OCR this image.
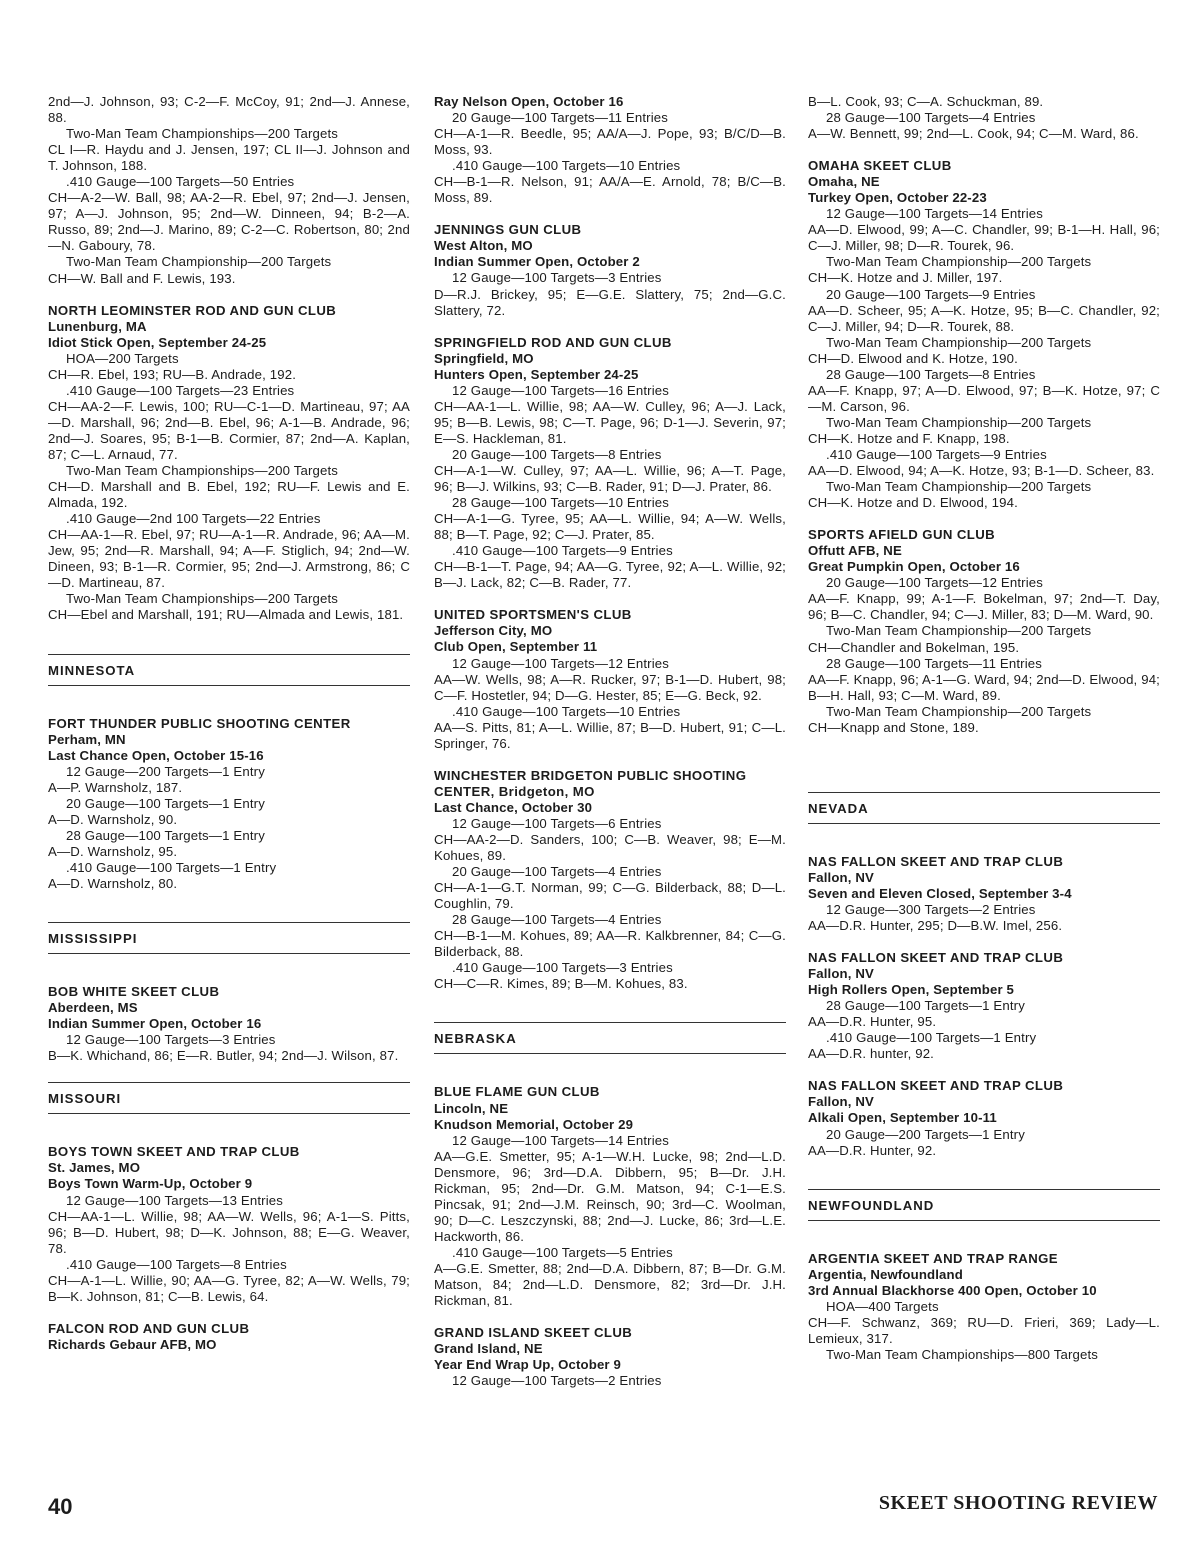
2nd—J. Johnson, 93; C-2—F. McCoy, 91; 2nd—J. Annese, 88.
Two-Man Team Championships—200 Targets
CL I—R. Haydu and J. Jensen, 197; CL II—J. Johnson and T. Johnson, 188.
.410 Gauge—100 Targets—50 Entries
CH—A-2—W. Ball, 98; AA-2—R. Ebel, 97; 2nd—J. Jensen, 97; A—J. Johnson, 95; 2nd—W. Dinneen, 94; B-2—A. Russo, 89; 2nd—J. Marino, 89; C-2—C. Robertson, 80; 2nd—N. Gaboury, 78.
Two-Man Team Championship—200 Targets
CH—W. Ball and F. Lewis, 193.
NORTH LEOMINSTER ROD AND GUN CLUB
Lunenburg, MA
Idiot Stick Open, September 24-25
HOA—200 Targets
CH—R. Ebel, 193; RU—B. Andrade, 192.
.410 Gauge—100 Targets—23 Entries
CH—AA-2—F. Lewis, 100; RU—C-1—D. Martineau, 97; AA—D. Marshall, 96; 2nd—B. Ebel, 96; A-1—B. Andrade, 96; 2nd—J. Soares, 95; B-1—B. Cormier, 87; 2nd—A. Kaplan, 87; C—L. Arnaud, 77.
Two-Man Team Championships—200 Targets
CH—D. Marshall and B. Ebel, 192; RU—F. Lewis and E. Almada, 192.
.410 Gauge—2nd 100 Targets—22 Entries
CH—AA-1—R. Ebel, 97; RU—A-1—R. Andrade, 96; AA—M. Jew, 95; 2nd—R. Marshall, 94; A—F. Stiglich, 94; 2nd—W. Dineen, 93; B-1—R. Cormier, 95; 2nd—J. Armstrong, 86; C—D. Martineau, 87.
Two-Man Team Championships—200 Targets
CH—Ebel and Marshall, 191; RU—Almada and Lewis, 181.
MINNESOTA
FORT THUNDER PUBLIC SHOOTING CENTER
Perham, MN
Last Chance Open, October 15-16
12 Gauge—200 Targets—1 Entry
A—P. Warnsholz, 187.
20 Gauge—100 Targets—1 Entry
A—D. Warnsholz, 90.
28 Gauge—100 Targets—1 Entry
A—D. Warnsholz, 95.
.410 Gauge—100 Targets—1 Entry
A—D. Warnsholz, 80.
MISSISSIPPI
BOB WHITE SKEET CLUB
Aberdeen, MS
Indian Summer Open, October 16
12 Gauge—100 Targets—3 Entries
B—K. Whichand, 86; E—R. Butler, 94; 2nd—J. Wilson, 87.
MISSOURI
BOYS TOWN SKEET AND TRAP CLUB
St. James, MO
Boys Town Warm-Up, October 9
12 Gauge—100 Targets—13 Entries
CH—AA-1—L. Willie, 98; AA—W. Wells, 96; A-1—S. Pitts, 96; B—D. Hubert, 98; D—K. Johnson, 88; E—G. Weaver, 78.
.410 Gauge—100 Targets—8 Entries
CH—A-1—L. Willie, 90; AA—G. Tyree, 82; A—W. Wells, 79; B—K. Johnson, 81; C—B. Lewis, 64.
FALCON ROD AND GUN CLUB
Richards Gebaur AFB, MO
Ray Nelson Open, October 16
20 Gauge—100 Targets—11 Entries
CH—A-1—R. Beedle, 95; AA/A—J. Pope, 93; B/C/D—B. Moss, 93.
.410 Gauge—100 Targets—10 Entries
CH—B-1—R. Nelson, 91; AA/A—E. Arnold, 78; B/C—B. Moss, 89.
JENNINGS GUN CLUB
West Alton, MO
Indian Summer Open, October 2
12 Gauge—100 Targets—3 Entries
D—R.J. Brickey, 95; E—G.E. Slattery, 75; 2nd—G.C. Slattery, 72.
SPRINGFIELD ROD AND GUN CLUB
Springfield, MO
Hunters Open, September 24-25
12 Gauge—100 Targets—16 Entries
CH—AA-1—L. Willie, 98; AA—W. Culley, 96; A—J. Lack, 95; B—B. Lewis, 98; C—T. Page, 96; D-1—J. Severin, 97; E—S. Hackleman, 81.
20 Gauge—100 Targets—8 Entries
CH—A-1—W. Culley, 97; AA—L. Willie, 96; A—T. Page, 96; B—J. Wilkins, 93; C—B. Rader, 91; D—J. Prater, 86.
28 Gauge—100 Targets—10 Entries
CH—A-1—G. Tyree, 95; AA—L. Willie, 94; A—W. Wells, 88; B—T. Page, 92; C—J. Prater, 85.
.410 Gauge—100 Targets—9 Entries
CH—B-1—T. Page, 94; AA—G. Tyree, 92; A—L. Willie, 92; B—J. Lack, 82; C—B. Rader, 77.
UNITED SPORTSMEN'S CLUB
Jefferson City, MO
Club Open, September 11
12 Gauge—100 Targets—12 Entries
AA—W. Wells, 98; A—R. Rucker, 97; B-1—D. Hubert, 98; C—F. Hostetler, 94; D—G. Hester, 85; E—G. Beck, 92.
.410 Gauge—100 Targets—10 Entries
AA—S. Pitts, 81; A—L. Willie, 87; B—D. Hubert, 91; C—L. Springer, 76.
WINCHESTER BRIDGETON PUBLIC SHOOTING CENTER, Bridgeton, MO
Last Chance, October 30
12 Gauge—100 Targets—6 Entries
CH—AA-2—D. Sanders, 100; C—B. Weaver, 98; E—M. Kohues, 89.
20 Gauge—100 Targets—4 Entries
CH—A-1—G.T. Norman, 99; C—G. Bilderback, 88; D—L. Coughlin, 79.
28 Gauge—100 Targets—4 Entries
CH—B-1—M. Kohues, 89; AA—R. Kalkbrenner, 84; C—G. Bilderback, 88.
.410 Gauge—100 Targets—3 Entries
CH—C—R. Kimes, 89; B—M. Kohues, 83.
NEBRASKA
BLUE FLAME GUN CLUB
Lincoln, NE
Knudson Memorial, October 29
12 Gauge—100 Targets—14 Entries
AA—G.E. Smetter, 95; A-1—W.H. Lucke, 98; 2nd—L.D. Densmore, 96; 3rd—D.A. Dibbern, 95; B—Dr. J.H. Rickman, 95; 2nd—Dr. G.M. Matson, 94; C-1—E.S. Pincsak, 91; 2nd—J.M. Reinsch, 90; 3rd—C. Woolman, 90; D—C. Leszczynski, 88; 2nd—J. Lucke, 86; 3rd—L.E. Hackworth, 86.
.410 Gauge—100 Targets—5 Entries
A—G.E. Smetter, 88; 2nd—D.A. Dibbern, 87; B—Dr. G.M. Matson, 84; 2nd—L.D. Densmore, 82; 3rd—Dr. J.H. Rickman, 81.
GRAND ISLAND SKEET CLUB
Grand Island, NE
Year End Wrap Up, October 9
12 Gauge—100 Targets—2 Entries
B—L. Cook, 93; C—A. Schuckman, 89.
28 Gauge—100 Targets—4 Entries
A—W. Bennett, 99; 2nd—L. Cook, 94; C—M. Ward, 86.
OMAHA SKEET CLUB
Omaha, NE
Turkey Open, October 22-23
12 Gauge—100 Targets—14 Entries
AA—D. Elwood, 99; A—C. Chandler, 99; B-1—H. Hall, 96; C—J. Miller, 98; D—R. Tourek, 96.
Two-Man Team Championship—200 Targets
CH—K. Hotze and J. Miller, 197.
20 Gauge—100 Targets—9 Entries
AA—D. Scheer, 95; A—K. Hotze, 95; B—C. Chandler, 92; C—J. Miller, 94; D—R. Tourek, 88.
Two-Man Team Championship—200 Targets
CH—D. Elwood and K. Hotze, 190.
28 Gauge—100 Targets—8 Entries
AA—F. Knapp, 97; A—D. Elwood, 97; B—K. Hotze, 97; C—M. Carson, 96.
Two-Man Team Championship—200 Targets
CH—K. Hotze and F. Knapp, 198.
.410 Gauge—100 Targets—9 Entries
AA—D. Elwood, 94; A—K. Hotze, 93; B-1—D. Scheer, 83.
Two-Man Team Championship—200 Targets
CH—K. Hotze and D. Elwood, 194.
SPORTS AFIELD GUN CLUB
Offutt AFB, NE
Great Pumpkin Open, October 16
20 Gauge—100 Targets—12 Entries
AA—F. Knapp, 99; A-1—F. Bokelman, 97; 2nd—T. Day, 96; B—C. Chandler, 94; C—J. Miller, 83; D—M. Ward, 90.
Two-Man Team Championship—200 Targets
CH—Chandler and Bokelman, 195.
28 Gauge—100 Targets—11 Entries
AA—F. Knapp, 96; A-1—G. Ward, 94; 2nd—D. Elwood, 94; B—H. Hall, 93; C—M. Ward, 89.
Two-Man Team Championship—200 Targets
CH—Knapp and Stone, 189.
NEVADA
NAS FALLON SKEET AND TRAP CLUB
Fallon, NV
Seven and Eleven Closed, September 3-4
12 Gauge—300 Targets—2 Entries
AA—D.R. Hunter, 295; D—B.W. Imel, 256.
NAS FALLON SKEET AND TRAP CLUB
Fallon, NV
High Rollers Open, September 5
28 Gauge—100 Targets—1 Entry
AA—D.R. Hunter, 95.
.410 Gauge—100 Targets—1 Entry
AA—D.R. hunter, 92.
NAS FALLON SKEET AND TRAP CLUB
Fallon, NV
Alkali Open, September 10-11
20 Gauge—200 Targets—1 Entry
AA—D.R. Hunter, 92.
NEWFOUNDLAND
ARGENTIA SKEET AND TRAP RANGE
Argentia, Newfoundland
3rd Annual Blackhorse 400 Open, October 10
HOA—400 Targets
CH—F. Schwanz, 369; RU—D. Frieri, 369; Lady—L. Lemieux, 317.
Two-Man Team Championships—800 Targets
40	SKEET SHOOTING REVIEW
